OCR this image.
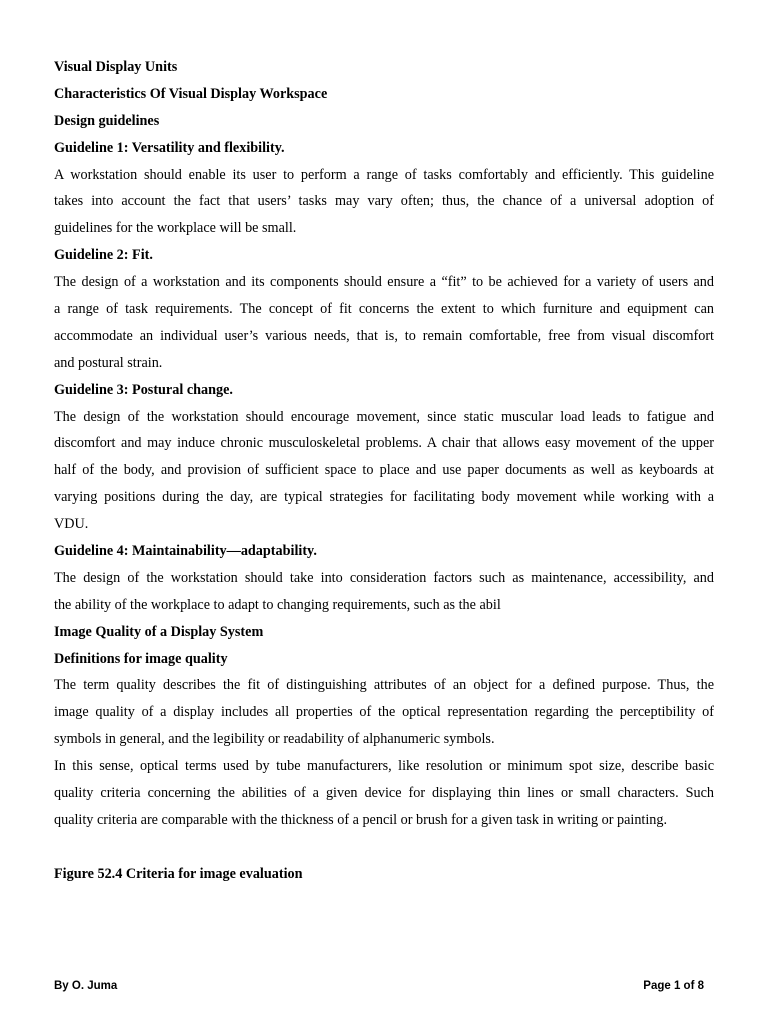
Visual Display Units
Characteristics Of Visual Display Workspace
Design guidelines
Guideline 1: Versatility and flexibility.
A workstation should enable its user to perform a range of tasks comfortably and efficiently. This guideline
takes into account the fact that users’ tasks may vary often; thus, the chance of a universal adoption of
guidelines for the workplace will be small.
Guideline 2: Fit.
The design of a workstation and its components should ensure a “fit” to be achieved for a variety of users and
a range of task requirements. The concept of fit concerns the extent to which furniture and equipment can
accommodate an individual user’s various needs, that is, to remain comfortable, free from visual discomfort
and postural strain.
Guideline 3: Postural change.
The design of the workstation should encourage movement, since static muscular load leads to fatigue and
discomfort and may induce chronic musculoskeletal problems. A chair that allows easy movement of the upper
half of the body, and provision of sufficient space to place and use paper documents as well as keyboards at
varying positions during the day, are typical strategies for facilitating body movement while working with a
VDU.
Guideline 4: Maintainability—adaptability.
The design of the workstation should take into consideration factors such as maintenance, accessibility, and
the ability of the workplace to adapt to changing requirements, such as the abil
Image Quality of a Display System
Definitions for image quality
The term quality describes the fit of distinguishing attributes of an object for a defined purpose. Thus, the
image quality of a display includes all properties of the optical representation regarding the perceptibility of
symbols in general, and the legibility or readability of alphanumeric symbols.
In this sense, optical terms used by tube manufacturers, like resolution or minimum spot size, describe basic
quality criteria concerning the abilities of a given device for displaying thin lines or small characters. Such
quality criteria are comparable with the thickness of a pencil or brush for a given task in writing or painting.
Figure 52.4 Criteria for image evaluation
By O. Juma	Page 1 of 8
